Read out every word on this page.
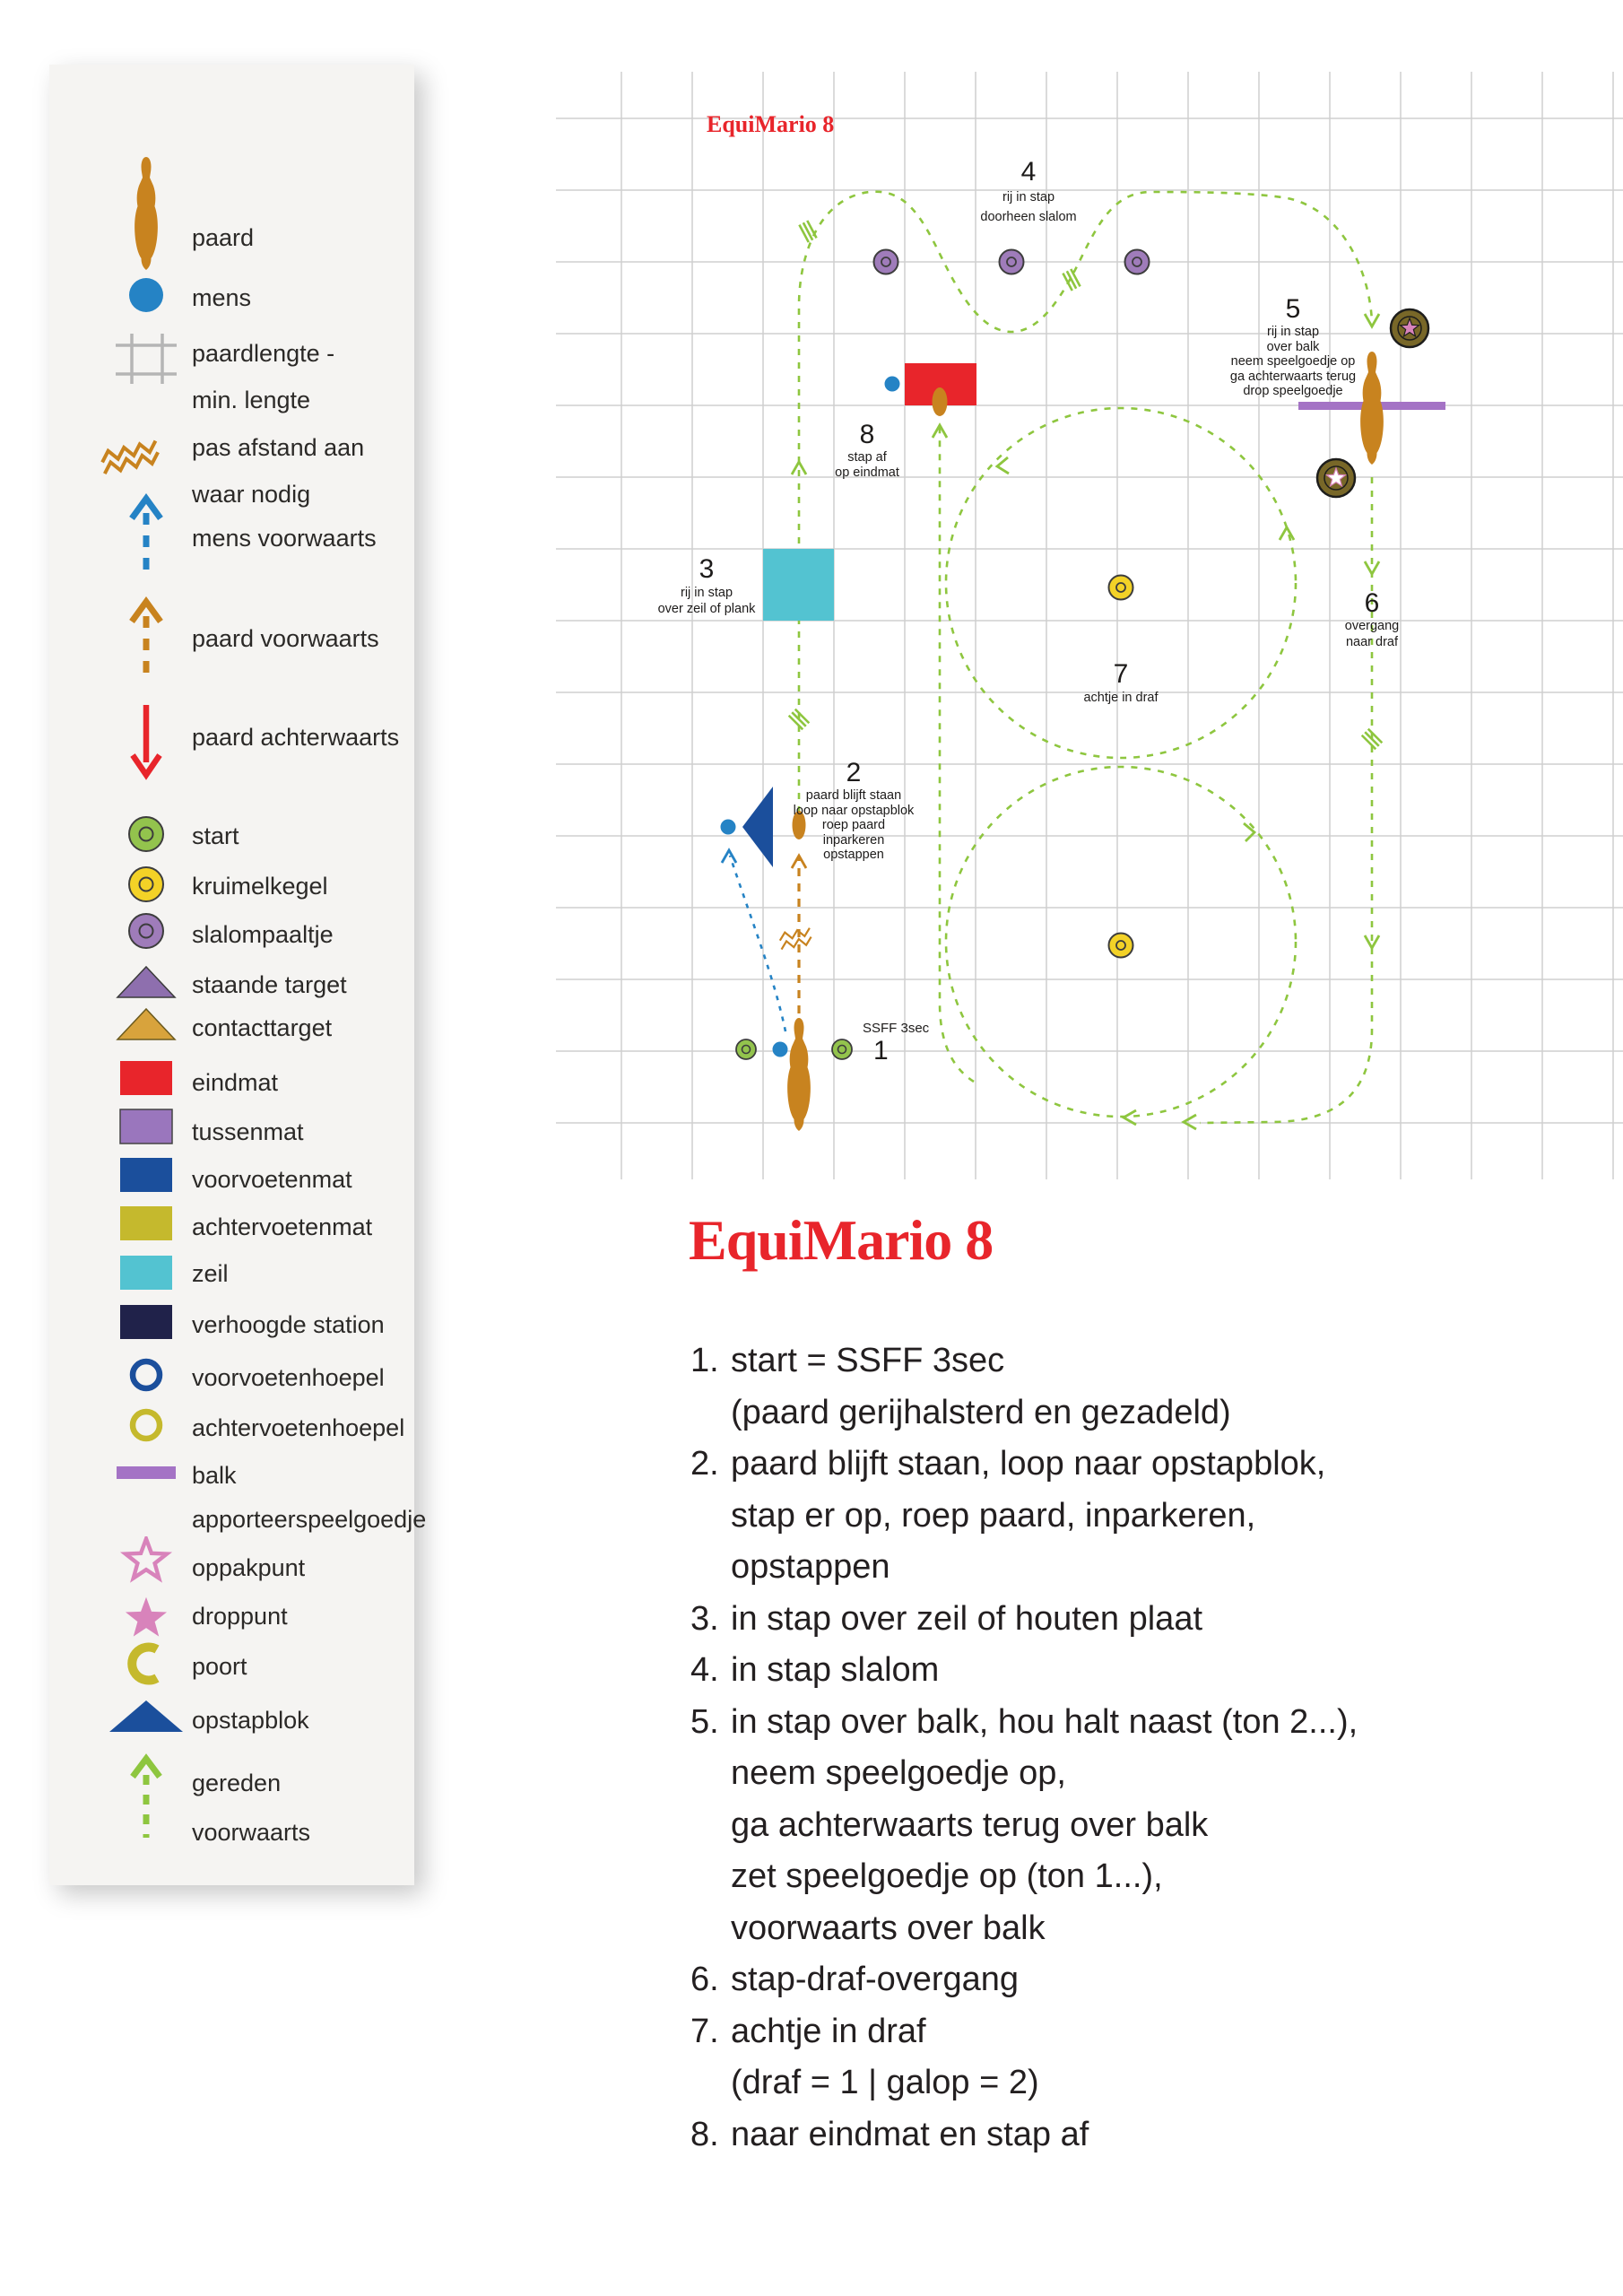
paard
mens
paardlengte -
min. lengte
pas afstand aan
waar nodig
mens voorwaarts
paard voorwaarts
paard achterwaarts
start
kruimelkegel
slalompaaltje
staande target
contacttarget
eindmat
tussenmat
voorvoetenmat
achtervoetenmat
zeil
verhoogde station
voorvoetenhoepel
achtervoetenhoepel
balk
apporteerspeelgoedje
oppakpunt
droppunt
poort
opstapblok
gereden
voorwaarts
EquiMario 8
4
rij in stap
doorheen slalom
5
rij in stap
over balk
neem speelgoedje op
ga achterwaarts terug
drop speelgoedje
8
stap af
op eindmat
3
rij in stap
over zeil of plank	6
overgang
naar draf
7
achtje in draf
2
paard blijft staan
loop naar opstapblok
roep paard
inparkeren
opstappen
SSFF 3sec
1
EquiMario 8
1. start = SSFF 3sec
(paard gerijhalsterd en gezadeld)
2. paard blijft staan, loop naar opstapblok,
stap er op, roep paard, inparkeren,
opstappen
3. in stap over zeil of houten plaat
4. in stap slalom
5. in stap over balk, hou halt naast (ton 2...),
neem speelgoedje op,
ga achterwaarts terug over balk
zet speelgoedje op (ton 1...),
voorwaarts over balk
6. stap-draf-overgang
7. achtje in draf
(draf = 1 | galop = 2)
8. naar eindmat en stap af
